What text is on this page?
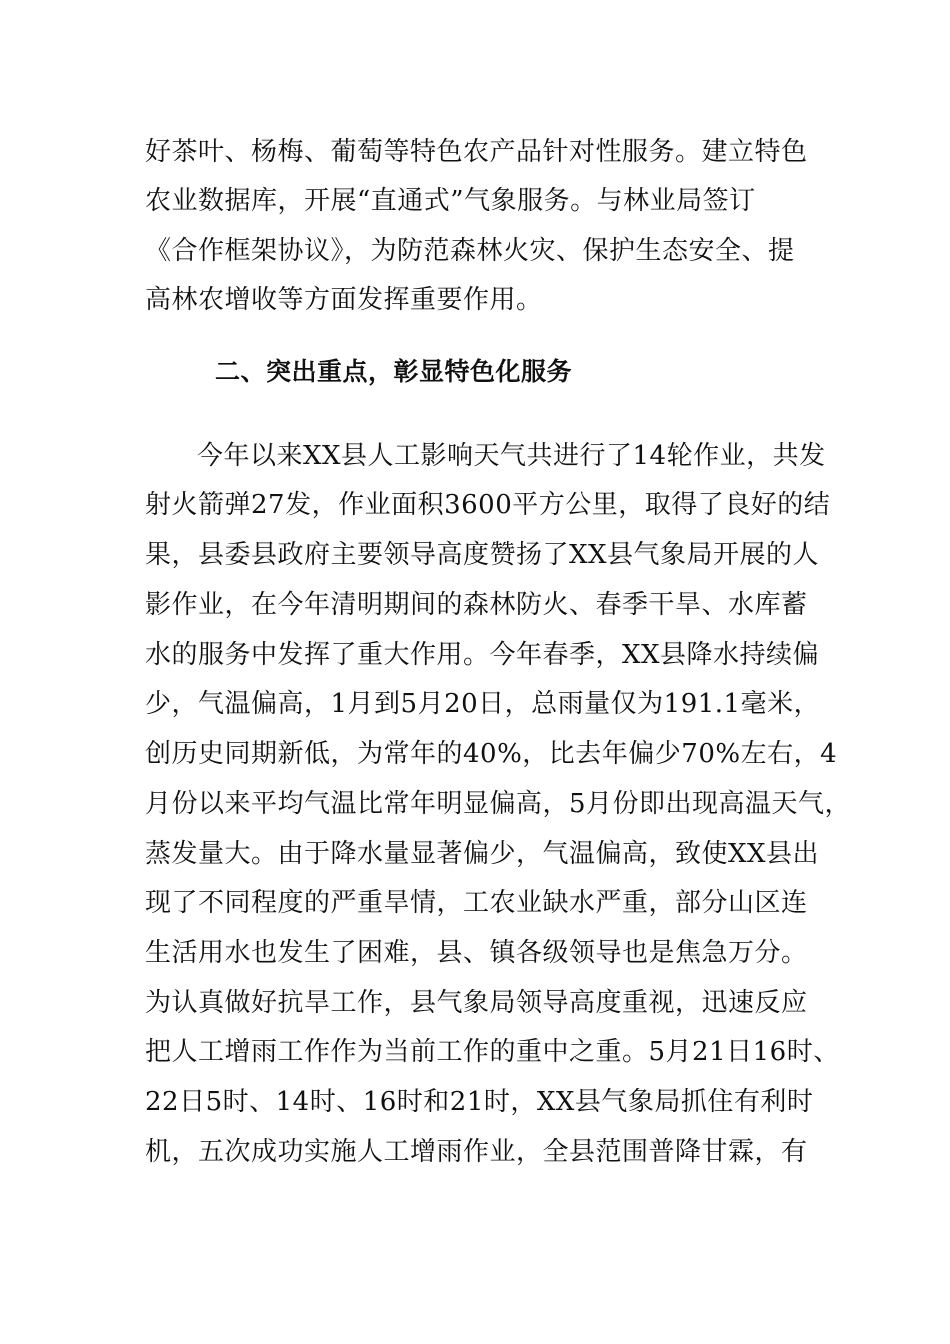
好茶叶、杨梅、葡萄等特色农产品针对性服务。建立特色
农业数据库，开展“直通式”气象服务。与林业局签订
《合作框架协议》，为防范森林火灾、保护生态安全、提
高林农增收等方面发挥重要作用。
二、突出重点，彰显特色化服务
今年以来XX县人工影响天气共进行了14轮作业，共发
射火箭弹27发，作业面积3600平方公里，取得了良好的结
果，县委县政府主要领导高度赞扬了XX县气象局开展的人
影作业，在今年清明期间的森林防火、春季干旱、水库蓄
水的服务中发挥了重大作用。今年春季，XX县降水持续偏
少，气温偏高，1月到5月20日，总雨量仅为191.1毫米，
创历史同期新低，为常年的40%，比去年偏少70%左右，4
月份以来平均气温比常年明显偏高，5月份即出现高温天气，
蒸发量大。由于降水量显著偏少，气温偏高，致使XX县出
现了不同程度的严重旱情，工农业缺水严重，部分山区连
生活用水也发生了困难，县、镇各级领导也是焦急万分。
为认真做好抗旱工作，县气象局领导高度重视，迅速反应
把人工增雨工作作为当前工作的重中之重。5月21日16时、
22日5时、14时、16时和21时，XX县气象局抓住有利时
机，五次成功实施人工增雨作业，全县范围普降甘霖，有
